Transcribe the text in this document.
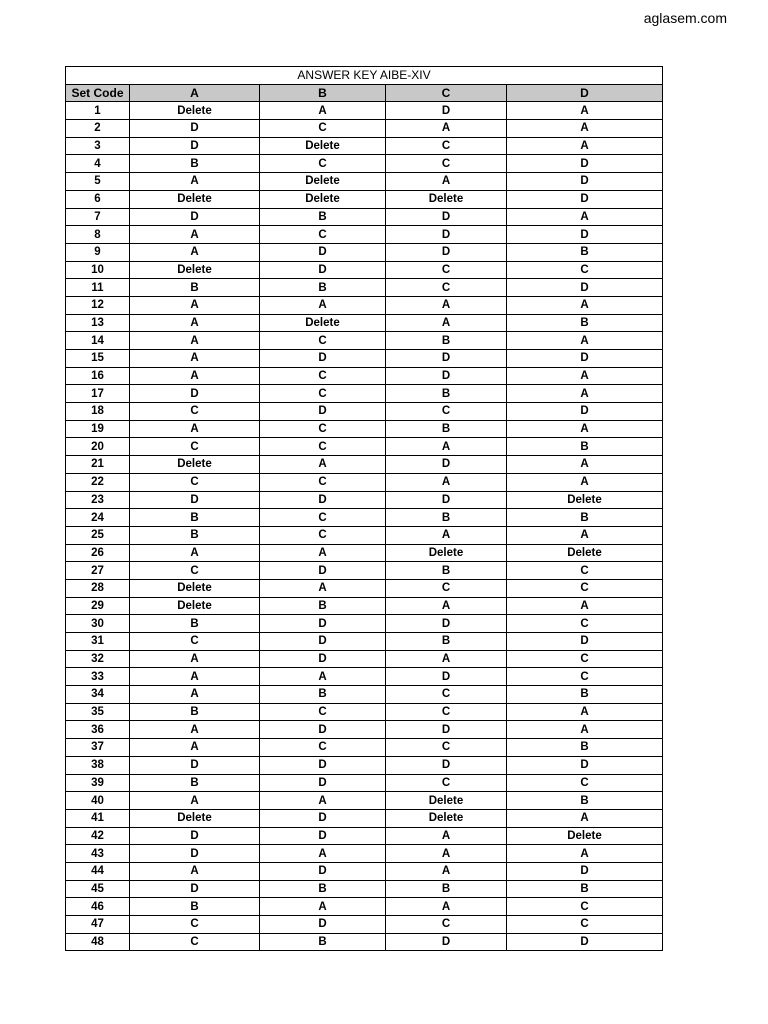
aglasem.com
ANSWER KEY AIBE-XIV				
Set Code	A	B	C	D
1	Delete	A	D	A
2	D	C	A	A
3	D	Delete	C	A
4	B	C	C	D
5	A	Delete	A	D
6	Delete	Delete	Delete	D
7	D	B	D	A
8	A	C	D	D
9	A	D	D	B
10	Delete	D	C	C
11	B	B	C	D
12	A	A	A	A
13	A	Delete	A	B
14	A	C	B	A
15	A	D	D	D
16	A	C	D	A
17	D	C	B	A
18	C	D	C	D
19	A	C	B	A
20	C	C	A	B
21	Delete	A	D	A
22	C	C	A	A
23	D	D	D	Delete
24	B	C	B	B
25	B	C	A	A
26	A	A	Delete	Delete
27	C	D	B	C
28	Delete	A	C	C
29	Delete	B	A	A
30	B	D	D	C
31	C	D	B	D
32	A	D	A	C
33	A	A	D	C
34	A	B	C	B
35	B	C	C	A
36	A	D	D	A
37	A	C	C	B
38	D	D	D	D
39	B	D	C	C
40	A	A	Delete	B
41	Delete	D	Delete	A
42	D	D	A	Delete
43	D	A	A	A
44	A	D	A	D
45	D	B	B	B
46	B	A	A	C
47	C	D	C	C
48	C	B	D	D
